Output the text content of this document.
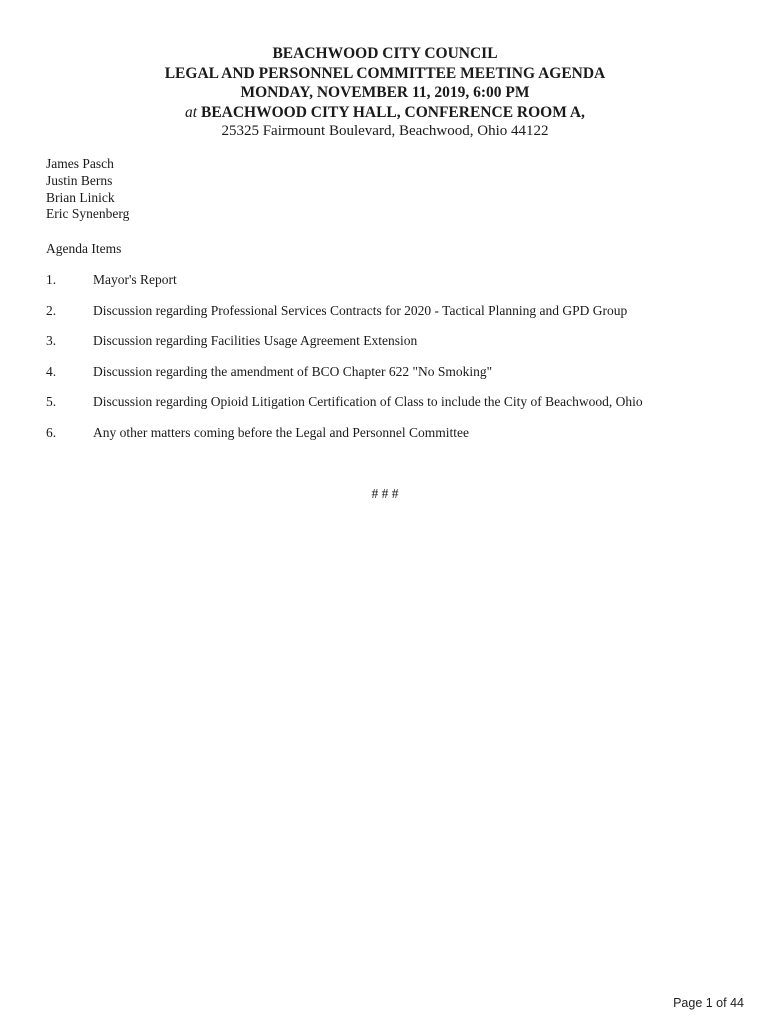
BEACHWOOD CITY COUNCIL
LEGAL AND PERSONNEL COMMITTEE MEETING AGENDA
MONDAY, NOVEMBER 11, 2019, 6:00 PM
at BEACHWOOD CITY HALL, CONFERENCE ROOM A,
25325 Fairmount Boulevard, Beachwood, Ohio 44122
James Pasch
Justin Berns
Brian Linick
Eric Synenberg
Agenda Items
1.	Mayor's Report
2.	Discussion regarding Professional Services Contracts for 2020 - Tactical Planning and GPD Group
3.	Discussion regarding Facilities Usage Agreement Extension
4.	Discussion regarding the amendment of BCO Chapter 622 "No Smoking"
5.	Discussion regarding Opioid Litigation Certification of Class to include the City of Beachwood, Ohio
6.	Any other matters coming before the Legal and Personnel Committee
# # #
Page 1 of 44
